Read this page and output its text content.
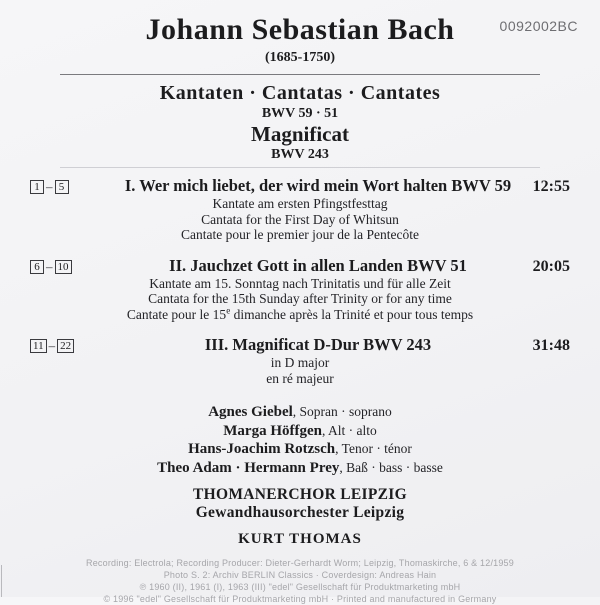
Johann Sebastian Bach	0092002BC
(1685-1750)
Kantaten · Cantatas · Cantates
BWV 59 · 51
Magnificat
BWV 243
1 – 5	I. Wer mich liebet, der wird mein Wort halten BWV 59	12:55
Kantate am ersten Pfingstfesttag
Cantata for the First Day of Whitsun
Cantate pour le premier jour de la Pentecôte
6 – 10	II. Jauchzet Gott in allen Landen BWV 51	20:05
Kantate am 15. Sonntag nach Trinitatis und für alle Zeit
Cantata for the 15th Sunday after Trinity or for any time
Cantate pour le 15e dimanche après la Trinité et pour tous temps
11 – 22	III. Magnificat D-Dur BWV 243	31:48
in D major
en ré majeur
Agnes Giebel, Sopran · soprano
Marga Höffgen, Alt · alto
Hans-Joachim Rotzsch, Tenor · ténor
Theo Adam · Hermann Prey, Baß · bass · basse
THOMANERCHOR LEIPZIG
Gewandhausorchester Leipzig
KURT THOMAS
Recording: Electrola; Recording Producer: Dieter-Gerhardt Worm; Leipzig, Thomaskirche, 6 & 12/1959
Photo S. 2: Archiv BERLIN Classics · Coverdesign: Andreas Hain
℗ 1960 (II), 1961 (I), 1963 (III) "edel" Gesellschaft für Produktmarketing mbH
© 1996 "edel" Gesellschaft für Produktmarketing mbH · Printed and manufactured in Germany
